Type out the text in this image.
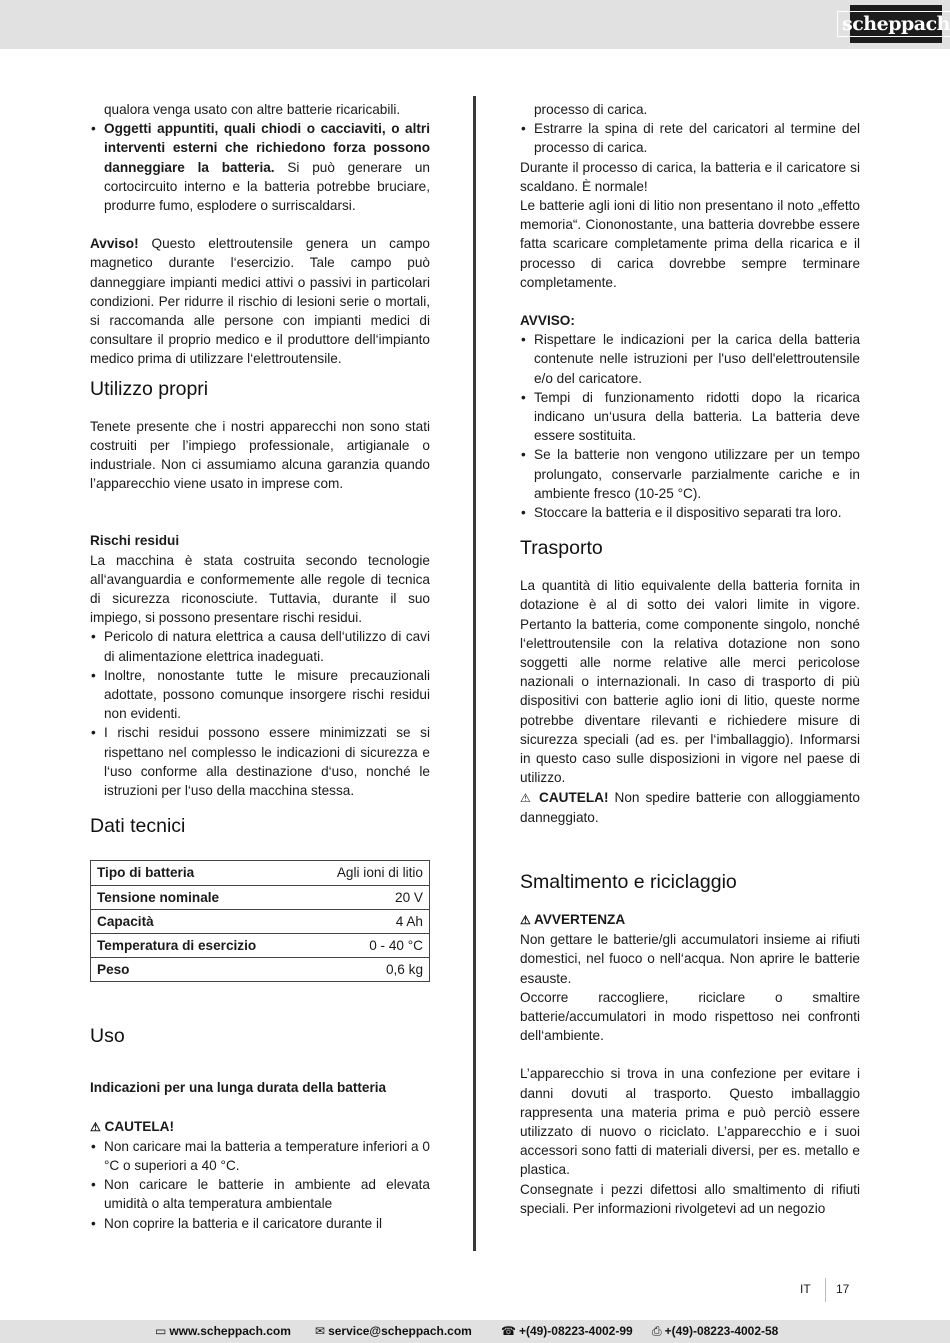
scheppach

qualora venga usato con altre batterie ricaricabili.

• Oggetti appuntiti, quali chiodi o cacciaviti, o altri interventi esterni che richiedono forza possono danneggiare la batteria. Si può generare un cortocircuito interno e la batteria potrebbe bruciare, produrre fumo, esplodere o surriscaldarsi.

Avviso! Questo elettroutensile genera un campo magnetico durante l‘esercizio. Tale campo può danneggiare impianti medici attivi o passivi in particolari condizioni. Per ridurre il rischio di lesioni serie o mortali, si raccomanda alle persone con impianti medici di consultare il proprio medico e il produttore dell‘impianto medico prima di utilizzare l‘elettroutensile.

Utilizzo propri

Tenete presente che i nostri apparecchi non sono stati costruiti per l’impiego professionale, artigianale o industriale. Non ci assumiamo alcuna garanzia quando l’apparecchio viene usato in imprese com.

Rischi residui

La macchina è stata costruita secondo tecnologie all‘avanguardia e conformemente alle regole di tecnica di sicurezza riconosciute. Tuttavia, durante il suo impiego, si possono presentare rischi residui.

• Pericolo di natura elettrica a causa dell‘utilizzo di cavi di alimentazione elettrica inadeguati.
• Inoltre, nonostante tutte le misure precauzionali adottate, possono comunque insorgere rischi residui non evidenti.
• I rischi residui possono essere minimizzati se si rispettano nel complesso le indicazioni di sicurezza e l‘uso conforme alla destinazione d‘uso, nonché le istruzioni per l‘uso della macchina stessa.
Dati tecnici
Tipo di batteria	Agli ioni di litio
Tensione nominale	20 V
Capacità	4 Ah
Temperatura di esercizio	0 - 40 °C
Peso	0,6 kg
Uso
Indicazioni per una lunga durata della batteria

⚠ CAUTELA!

• Non caricare mai la batteria a temperature inferiori a 0 °C o superiori a 40 °C.
• Non caricare le batterie in ambiente ad elevata umidità o alta temperatura ambientale
• Non coprire la batteria e il caricatore durante il

processo di carica.

• Estrarre la spina di rete del caricatori al termine del processo di carica.

Durante il processo di carica, la batteria e il caricatore si scaldano. È normale!

Le batterie agli ioni di litio non presentano il noto „effetto memoria“. Ciononostante, una batteria dovrebbe essere fatta scaricare completamente prima della ricarica e il processo di carica dovrebbe sempre terminare completamente.

AVVISO:

• Rispettare le indicazioni per la carica della batteria contenute nelle istruzioni per l'uso dell'elettroutensile e/o del caricatore.
• Tempi di funzionamento ridotti dopo la ricarica indicano un‘usura della batteria. La batteria deve essere sostituita.
• Se la batterie non vengono utilizzare per un tempo prolungato, conservarle parzialmente cariche e in ambiente fresco (10-25 °C).
• Stoccare la batteria e il dispositivo separati tra loro.
Trasporto

La quantità di litio equivalente della batteria fornita in dotazione è al di sotto dei valori limite in vigore. Pertanto la batteria, come componente singolo, nonché l‘elettroutensile con la relativa dotazione non sono soggetti alle norme relative alle merci pericolose nazionali o internazionali. In caso di trasporto di più dispositivi con batterie aglio ioni di litio, queste norme potrebbe diventare rilevanti e richiedere misure di sicurezza speciali (ad es. per l‘imballaggio). Informarsi in questo caso sulle disposizioni in vigore nel paese di utilizzo.

⚠ CAUTELA! Non spedire batterie con alloggiamento danneggiato.

Smaltimento e riciclaggio

⚠ AVVERTENZA

Non gettare le batterie/gli accumulatori insieme ai rifiuti domestici, nel fuoco o nell‘acqua. Non aprire le batterie esauste.

Occorre raccogliere, riciclare o smaltire batterie/accumulatori in modo rispettoso nei confronti dell‘ambiente.

L’apparecchio si trova in una confezione per evitare i danni dovuti al trasporto. Questo imballaggio rappresenta una materia prima e può perciò essere utilizzato di nuovo o riciclato. L’apparecchio e i suoi accessori sono fatti di materiali diversi, per es. metallo e plastica.

Consegnate i pezzi difettosi allo smaltimento di rifiuti speciali. Per informazioni rivolgetevi ad un negozio

IT 17
▭ www.scheppach.com ✉ service@scheppach.com ☎ +(49)-08223-4002-99 ⎙ +(49)-08223-4002-58
